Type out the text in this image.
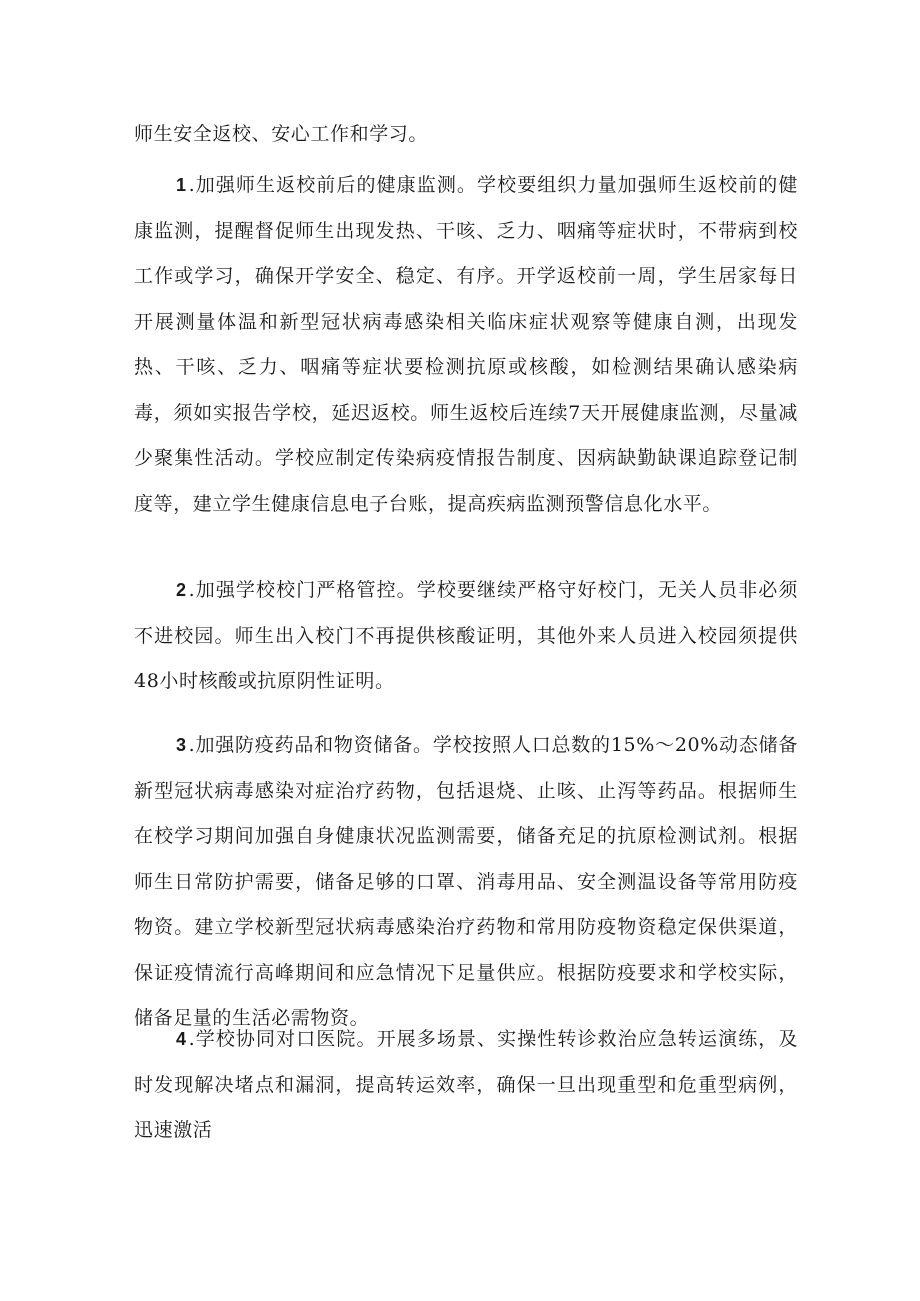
师生安全返校、安心工作和学习。

1 .加强师生返校前后的健康监测。学校要组织力量加强师生返校前的健康监测，提醒督促师生出现发热、干咳、乏力、咽痛等症状时，不带病到校工作或学习，确保开学安全、稳定、有序。开学返校前一周，学生居家每日开展测量体温和新型冠状病毒感染相关临床症状观察等健康自测，出现发热、干咳、乏力、咽痛等症状要检测抗原或核酸，如检测结果确认感染病毒，须如实报告学校，延迟返校。师生返校后连续7天开展健康监测，尽量减少聚集性活动。学校应制定传染病疫情报告制度、因病缺勤缺课追踪登记制度等，建立学生健康信息电子台账，提高疾病监测预警信息化水平。

2 .加强学校校门严格管控。学校要继续严格守好校门，无关人员非必须不进校园。师生出入校门不再提供核酸证明，其他外来人员进入校园须提供48小时核酸或抗原阴性证明。

3 .加强防疫药品和物资储备。学校按照人口总数的15%～20%动态储备新型冠状病毒感染对症治疗药物，包括退烧、止咳、止泻等药品。根据师生在校学习期间加强自身健康状况监测需要，储备充足的抗原检测试剂。根据师生日常防护需要，储备足够的口罩、消毒用品、安全测温设备等常用防疫物资。建立学校新型冠状病毒感染治疗药物和常用防疫物资稳定保供渠道，保证疫情流行高峰期间和应急情况下足量供应。根据防疫要求和学校实际，储备足量的生活必需物资。

4 .学校协同对口医院。开展多场景、实操性转诊救治应急转运演练，及时发现解决堵点和漏洞，提高转运效率，确保一旦出现重型和危重型病例，迅速激活
